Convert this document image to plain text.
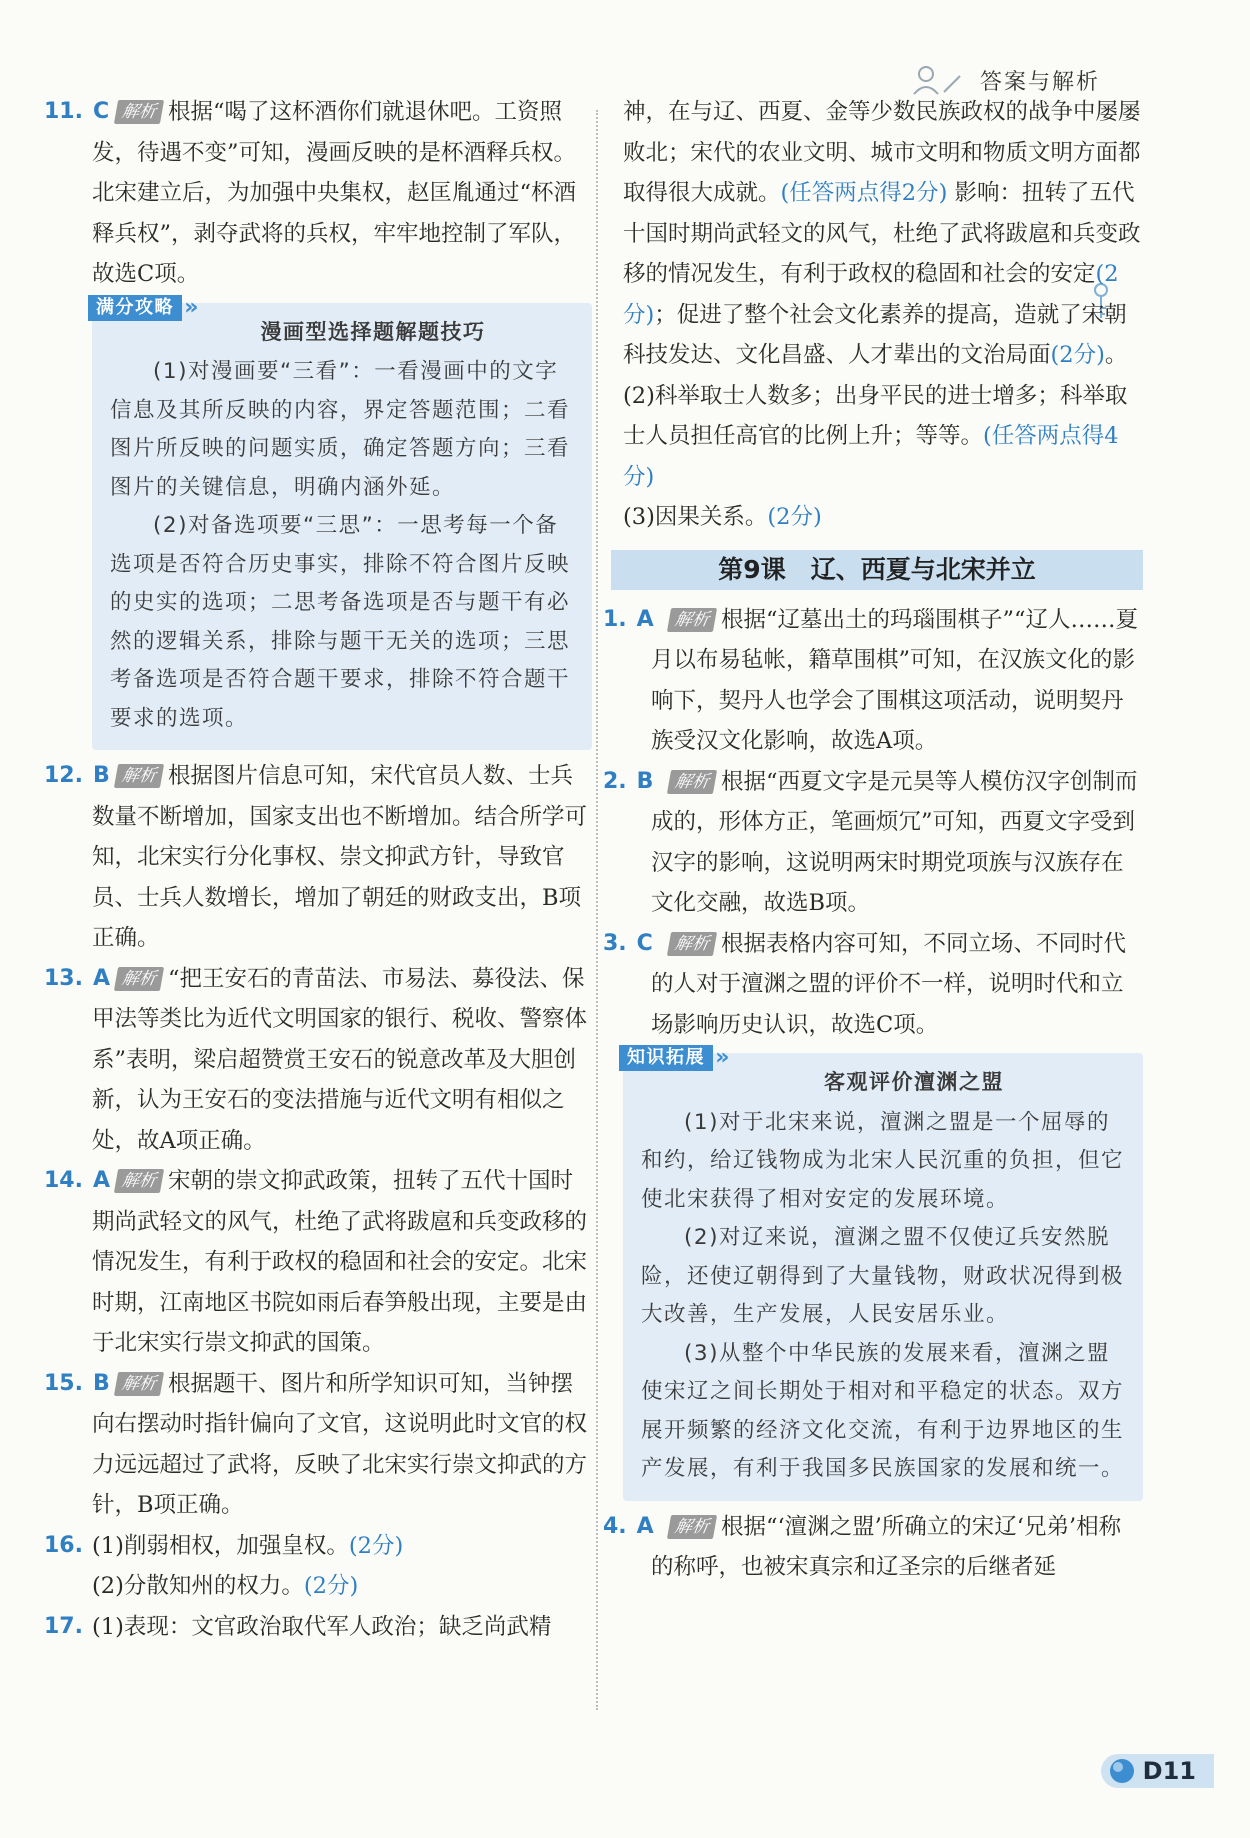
答案与解析
11. C 解析 根据“喝了这杯酒你们就退休吧。工资照发，待遇不变”可知，漫画反映的是杯酒释兵权。北宋建立后，为加强中央集权，赵匡胤通过“杯酒释兵权”，剥夺武将的兵权，牢牢地控制了军队，故选C项。
满分攻略 »
漫画型选择题解题技巧

(1)对漫画要“三看”：一看漫画中的文字信息及其所反映的内容，界定答题范围；二看图片所反映的问题实质，确定答题方向；三看图片的关键信息，明确内涵外延。

(2)对备选项要“三思”：一思考每一个备选项是否符合历史事实，排除不符合图片反映的史实的选项；二思考备选项是否与题干有必然的逻辑关系，排除与题干无关的选项；三思考备选项是否符合题干要求，排除不符合题干要求的选项。

12. B 解析 根据图片信息可知，宋代官员人数、士兵数量不断增加，国家支出也不断增加。结合所学可知，北宋实行分化事权、崇文抑武方针，导致官员、士兵人数增长，增加了朝廷的财政支出，B项正确。
13. A 解析 “把王安石的青苗法、市易法、募役法、保甲法等类比为近代文明国家的银行、税收、警察体系”表明，梁启超赞赏王安石的锐意改革及大胆创新，认为王安石的变法措施与近代文明有相似之处，故A项正确。
14. A 解析 宋朝的崇文抑武政策，扭转了五代十国时期尚武轻文的风气，杜绝了武将跋扈和兵变政移的情况发生，有利于政权的稳固和社会的安定。北宋时期，江南地区书院如雨后春笋般出现，主要是由于北宋实行崇文抑武的国策。
15. B 解析 根据题干、图片和所学知识可知，当钟摆向右摆动时指针偏向了文官，这说明此时文官的权力远远超过了武将，反映了北宋实行崇文抑武的方针，B项正确。
16. (1)削弱相权，加强皇权。(2分)
(2)分散知州的权力。(2分)
17. (1)表现：文官政治取代军人政治；缺乏尚武精
神，在与辽、西夏、金等少数民族政权的战争中屡屡败北；宋代的农业文明、城市文明和物质文明方面都取得很大成就。(任答两点得2分) 影响：扭转了五代十国时期尚武轻文的风气，杜绝了武将跋扈和兵变政移的情况发生，有利于政权的稳固和社会的安定(2分)；促进了整个社会文化素养的提高，造就了宋朝科技发达、文化昌盛、人才辈出的文治局面(2分)。
(2)科举取士人数多；出身平民的进士增多；科举取士人员担任高官的比例上升；等等。(任答两点得4分)
(3)因果关系。(2分)
第9课　辽、西夏与北宋并立
1. A 解析 根据“辽墓出土的玛瑙围棋子”“辽人……夏月以布易毡帐，籍草围棋”可知，在汉族文化的影响下，契丹人也学会了围棋这项活动，说明契丹族受汉文化影响，故选A项。
2. B 解析 根据“西夏文字是元昊等人模仿汉字创制而成的，形体方正，笔画烦冗”可知，西夏文字受到汉字的影响，这说明两宋时期党项族与汉族存在文化交融，故选B项。
3. C 解析 根据表格内容可知，不同立场、不同时代的人对于澶渊之盟的评价不一样，说明时代和立场影响历史认识，故选C项。
知识拓展 »
客观评价澶渊之盟

(1)对于北宋来说，澶渊之盟是一个屈辱的和约，给辽钱物成为北宋人民沉重的负担，但它使北宋获得了相对安定的发展环境。

(2)对辽来说，澶渊之盟不仅使辽兵安然脱险，还使辽朝得到了大量钱物，财政状况得到极大改善，生产发展，人民安居乐业。

(3)从整个中华民族的发展来看，澶渊之盟使宋辽之间长期处于相对和平稳定的状态。双方展开频繁的经济文化交流，有利于边界地区的生产发展，有利于我国多民族国家的发展和统一。

4. A 解析 根据“‘澶渊之盟’所确立的宋辽‘兄弟’相称的称呼，也被宋真宗和辽圣宗的后继者延
D11
